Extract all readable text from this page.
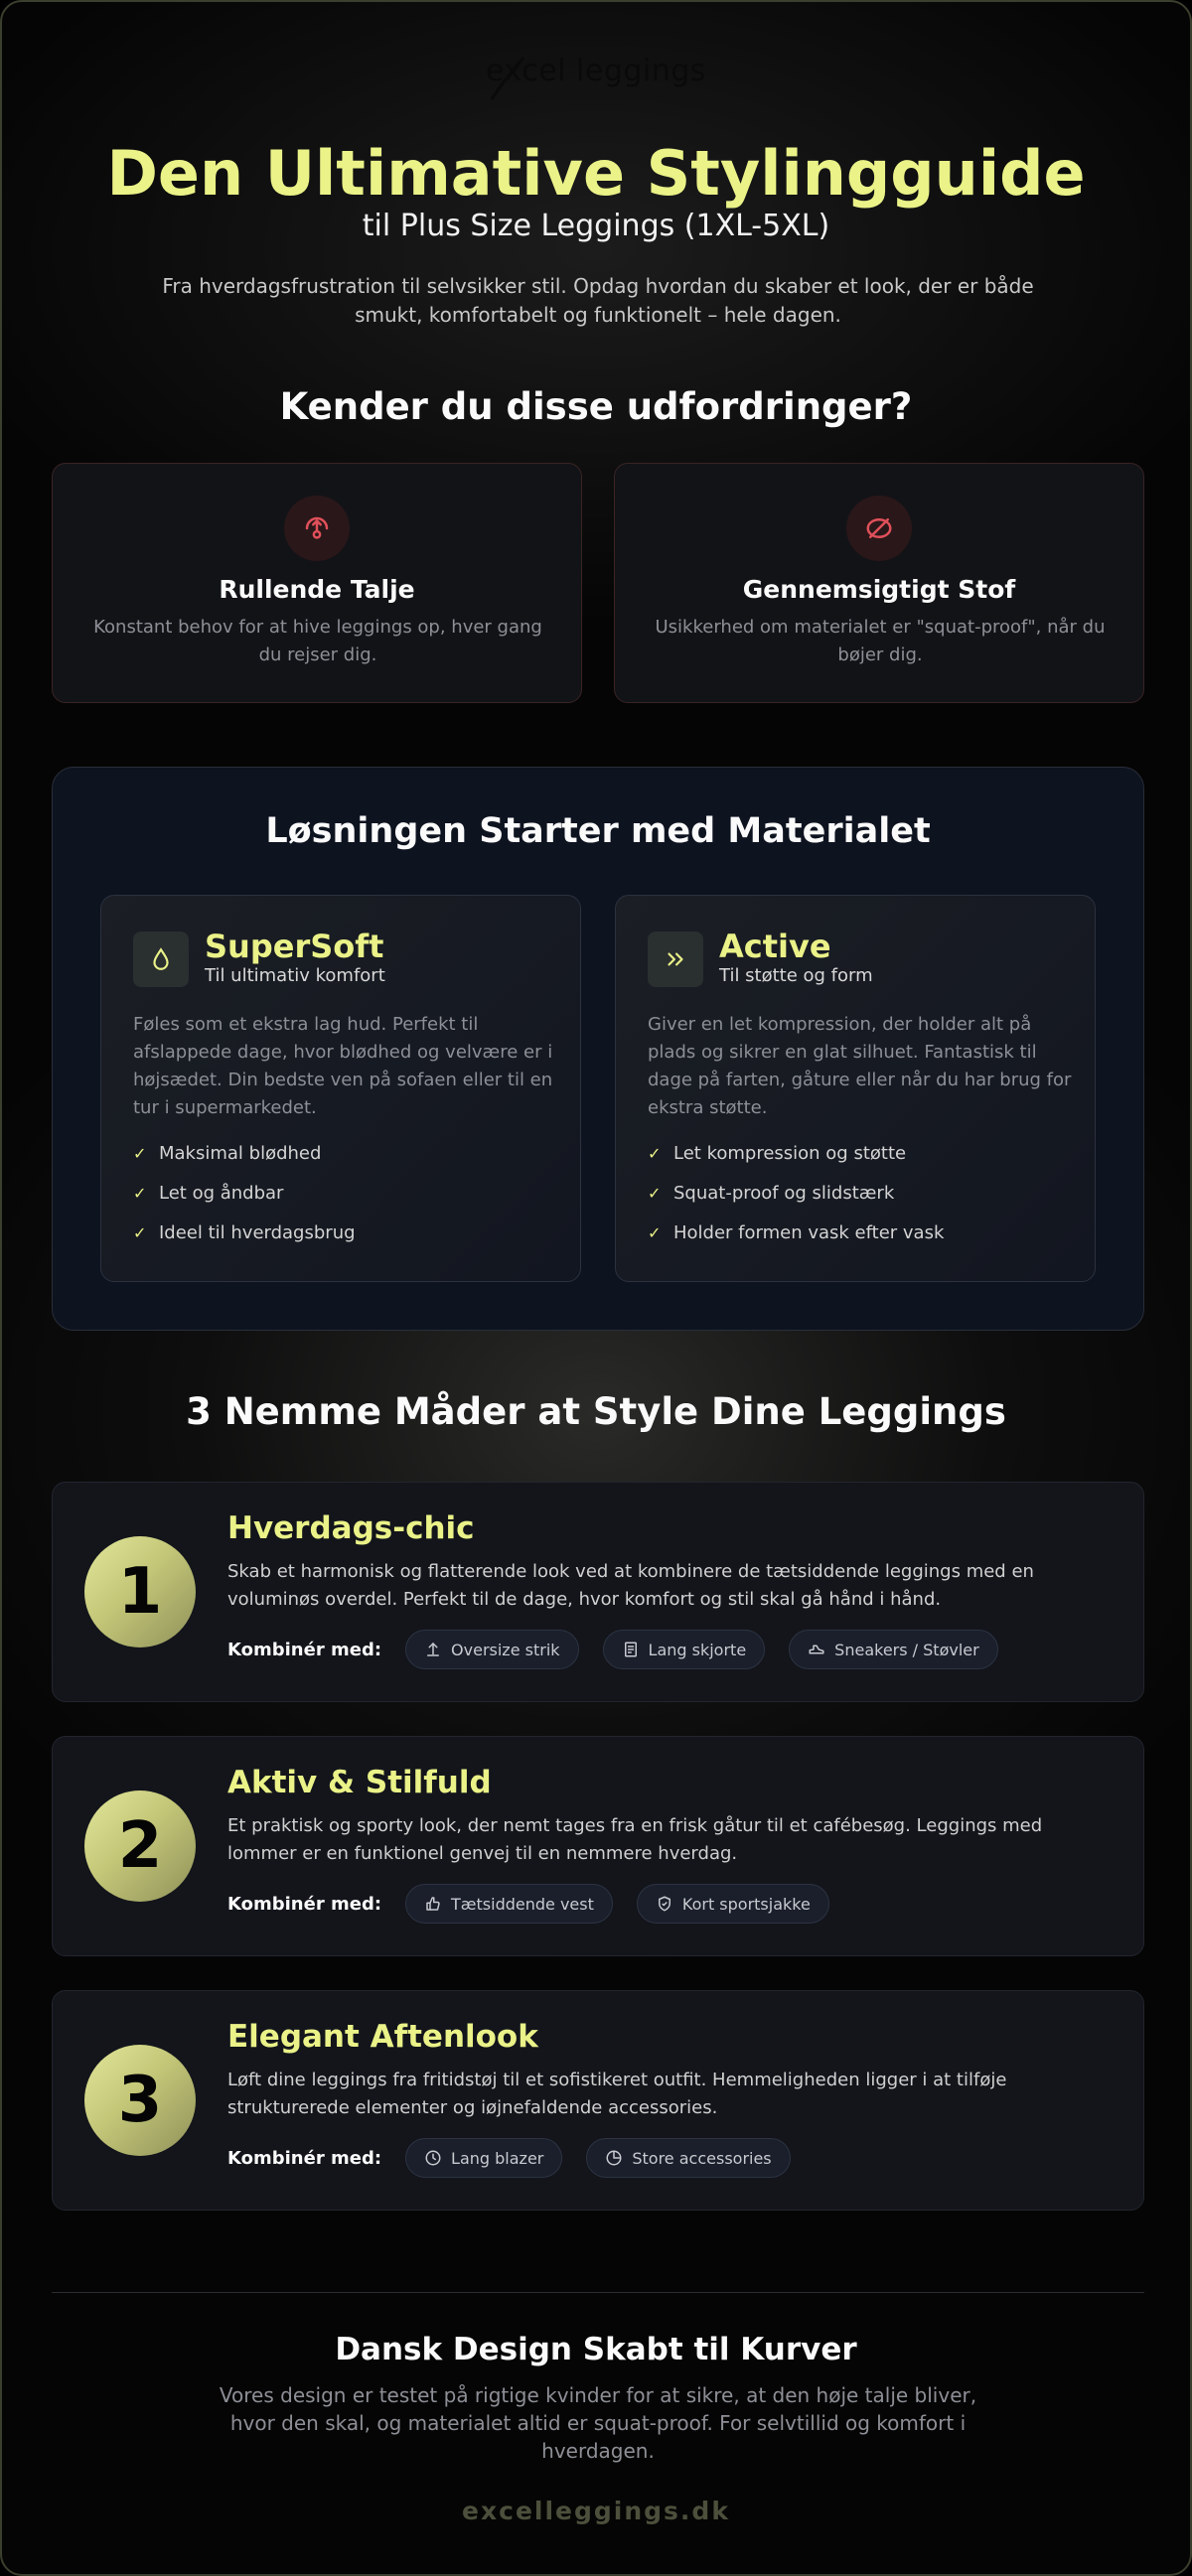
excel leggings
Den Ultimative Stylingguide
til Plus Size Leggings (1XL-5XL)
Fra hverdagsfrustration til selvsikker stil. Opdag hvordan du skaber et look, der er både smukt, komfortabelt og funktionelt – hele dagen.
Kender du disse udfordringer?
Rullende Talje
Konstant behov for at hive leggings op, hver gang du rejser dig.
Gennemsigtigt Stof
Usikkerhed om materialet er "squat-proof", når du bøjer dig.
Løsningen Starter med Materialet
SuperSoft
Til ultimativ komfort
Føles som et ekstra lag hud. Perfekt til afslappede dage, hvor blødhed og velvære er i højsædet. Din bedste ven på sofaen eller til en tur i supermarkedet.
✓ Maksimal blødhed
✓ Let og åndbar
✓ Ideel til hverdagsbrug
Active
Til støtte og form
Giver en let kompression, der holder alt på plads og sikrer en glat silhuet. Fantastisk til dage på farten, gåture eller når du har brug for ekstra støtte.
✓ Let kompression og støtte
✓ Squat-proof og slidstærk
✓ Holder formen vask efter vask
3 Nemme Måder at Style Dine Leggings
1
Hverdags-chic
Skab et harmonisk og flatterende look ved at kombinere de tætsiddende leggings med en voluminøs overdel. Perfekt til de dage, hvor komfort og stil skal gå hånd i hånd.
Kombinér med:	Oversize strik	Lang skjorte	Sneakers / Støvler
2
Aktiv & Stilfuld
Et praktisk og sporty look, der nemt tages fra en frisk gåtur til et cafébesøg. Leggings med lommer er en funktionel genvej til en nemmere hverdag.
Kombinér med:	Tætsiddende vest	Kort sportsjakke
3
Elegant Aftenlook
Løft dine leggings fra fritidstøj til et sofistikeret outfit. Hemmeligheden ligger i at tilføje strukturerede elementer og iøjnefaldende accessories.
Kombinér med:	Lang blazer	Store accessories
Dansk Design Skabt til Kurver
Vores design er testet på rigtige kvinder for at sikre, at den høje talje bliver, hvor den skal, og materialet altid er squat-proof. For selvtillid og komfort i hverdagen.
excelleggings.dk
